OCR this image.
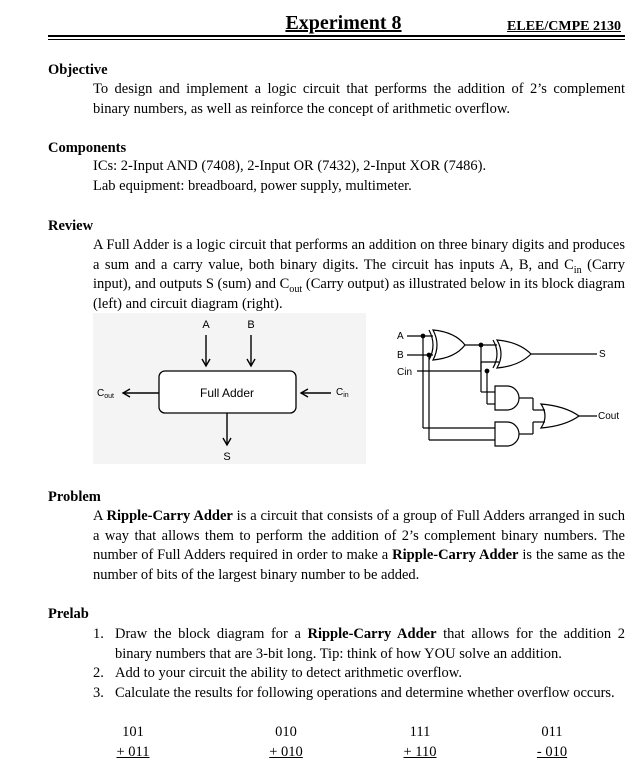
Experiment 8	ELEE/CMPE 2130
Objective
To design and implement a logic circuit that performs the addition of 2’s complement binary numbers, as well as reinforce the concept of arithmetic overflow.
Components
ICs: 2-Input AND (7408), 2-Input OR (7432), 2-Input XOR (7486).
Lab equipment: breadboard, power supply, multimeter.
Review
A Full Adder is a logic circuit that performs an addition on three binary digits and produces a sum and a carry value, both binary digits. The circuit has inputs A, B, and $C_{in}$ (Carry input), and outputs S (sum) and $C_{out}$ (Carry output) as illustrated below in its block diagram (left) and circuit diagram (right).
A	B
Full Adder
$C_{out}$	$C_{in}$
S
A
B
Cin
S
Cout
Problem
A Ripple-Carry Adder is a circuit that consists of a group of Full Adders arranged in such a way that allows them to perform the addition of 2’s complement binary numbers. The number of Full Adders required in order to make a Ripple-Carry Adder is the same as the number of bits of the largest binary number to be added.
Prelab
1. Draw the block diagram for a Ripple-Carry Adder that allows for the addition 2 binary numbers that are 3-bit long. Tip: think of how YOU solve an addition.
2. Add to your circuit the ability to detect arithmetic overflow.
3. Calculate the results for following operations and determine whether overflow occurs.
101
+ 011
010
+ 010
111
+ 110
011
- 010
